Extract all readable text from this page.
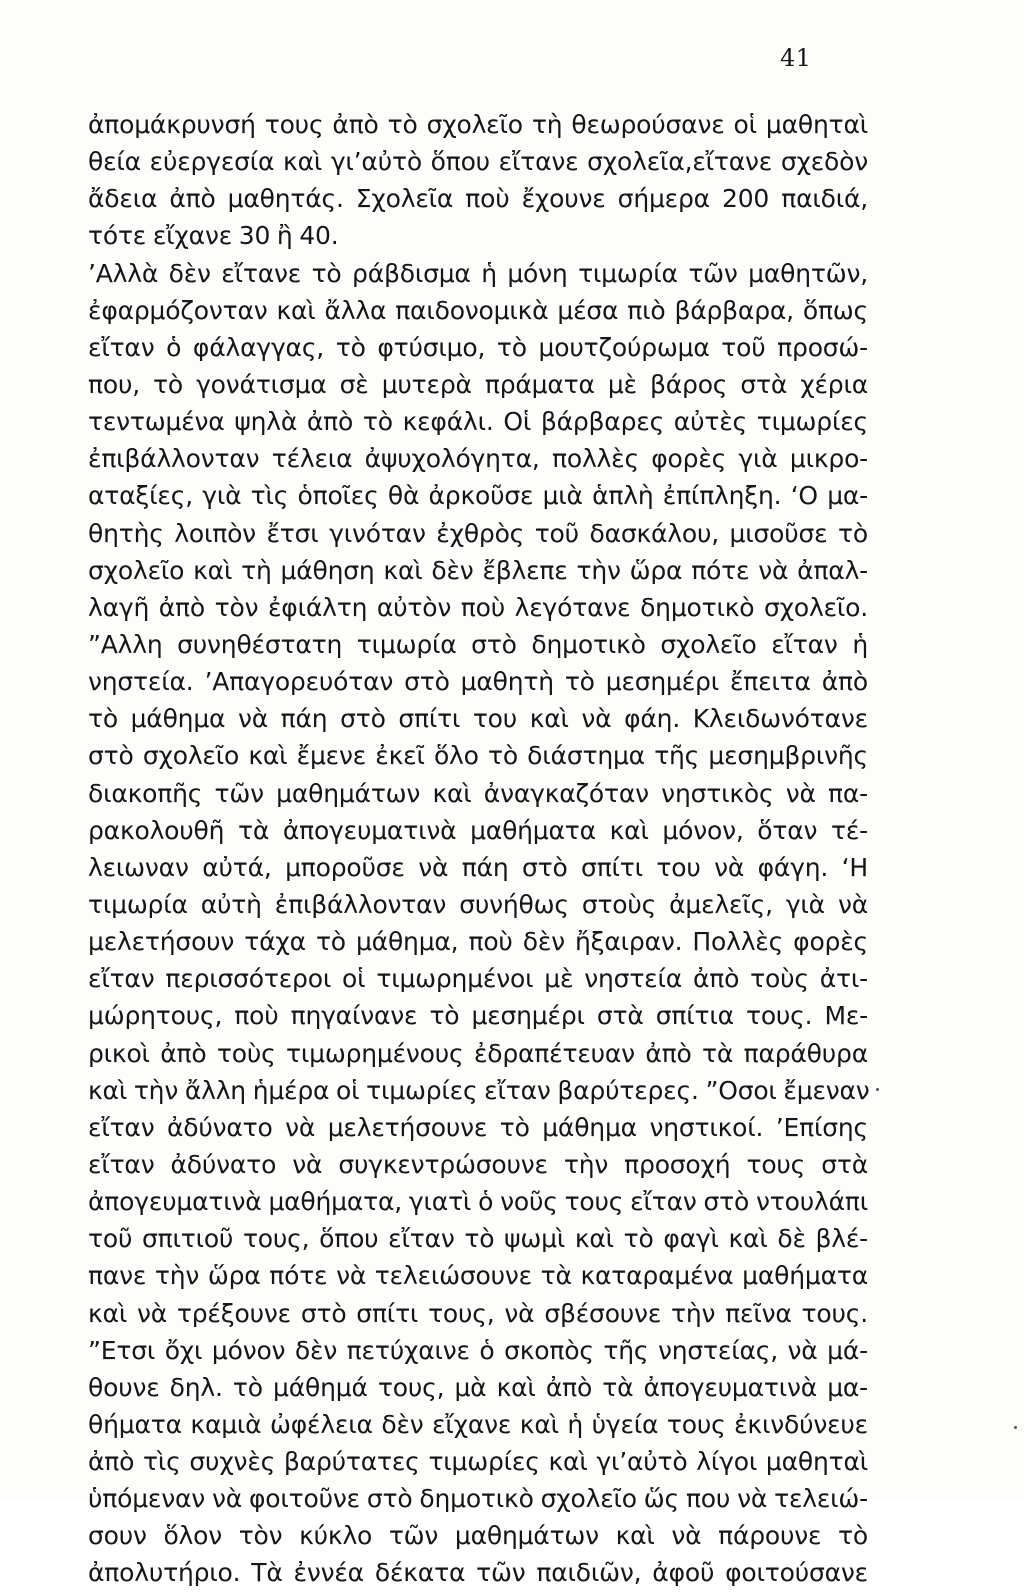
41
ἀπομάκρυνσή τους ἀπὸ τὸ σχολεῖο τὴ θεωρούσανε οἱ μαθηταὶ
θεία εὐεργεσία καὶ γι’αὐτὸ ὅπου εἴτανε σχολεῖα,εἴτανε σχεδὸν
ἄδεια ἀπὸ μαθητάς. Σχολεῖα ποὺ ἔχουνε σήμερα 200 παιδιά,
τότε εἴχανε 30 ἢ 40.
’Αλλὰ δὲν εἴτανε τὸ ράβδισμα ἡ μόνη τιμωρία τῶν μαθητῶν,
ἐφαρμόζονταν καὶ ἄλλα παιδονομικὰ μέσα πιὸ βάρβαρα, ὅπως
εἴταν ὁ φάλαγγας, τὸ φτύσιμο, τὸ μουτζούρωμα τοῦ προσώ-
που, τὸ γονάτισμα σὲ μυτερὰ πράματα μὲ βάρος στὰ χέρια
τεντωμένα ψηλὰ ἀπὸ τὸ κεφάλι. Οἱ βάρβαρες αὐτὲς τιμωρίες
ἐπιβάλλονταν τέλεια ἀψυχολόγητα, πολλὲς φορὲς γιὰ μικρο-
αταξίες, γιὰ τὶς ὁποῖες θὰ ἀρκοῦσε μιὰ ἁπλὴ ἐπίπληξη. ‘Ο μα-
θητὴς λοιπὸν ἔτσι γινόταν ἐχθρὸς τοῦ δασκάλου, μισοῦσε τὸ
σχολεῖο καὶ τὴ μάθηση καὶ δὲν ἔβλεπε τὴν ὥρα πότε νὰ ἀπαλ-
λαγῆ ἀπὸ τὸν ἐφιάλτη αὐτὸν ποὺ λεγότανε δημοτικὸ σχολεῖο.
”Αλλη συνηθέστατη τιμωρία στὸ δημοτικὸ σχολεῖο εἴταν ἡ
νηστεία. ’Απαγορευόταν στὸ μαθητὴ τὸ μεσημέρι ἔπειτα ἀπὸ
τὸ μάθημα νὰ πάη στὸ σπίτι του καὶ νὰ φάη. Κλειδωνότανε
στὸ σχολεῖο καὶ ἔμενε ἐκεῖ ὅλο τὸ διάστημα τῆς μεσημβρινῆς
διακοπῆς τῶν μαθημάτων καὶ ἀναγκαζόταν νηστικὸς νὰ πα-
ρακολουθῆ τὰ ἀπογευματινὰ μαθήματα καὶ μόνον, ὅταν τέ-
λειωναν αὐτά, μποροῦσε νὰ πάη στὸ σπίτι του νὰ φάγη. ‘Η
τιμωρία αὐτὴ ἐπιβάλλονταν συνήθως στοὺς ἀμελεῖς, γιὰ νὰ
μελετήσουν τάχα τὸ μάθημα, ποὺ δὲν ἤξαιραν. Πολλὲς φορὲς
εἴταν περισσότεροι οἱ τιμωρημένοι μὲ νηστεία ἀπὸ τοὺς ἀτι-
μώρητους, ποὺ πηγαίνανε τὸ μεσημέρι στὰ σπίτια τους. Με-
ρικοὶ ἀπὸ τοὺς τιμωρημένους ἐδραπέτευαν ἀπὸ τὰ παράθυρα
καὶ τὴν ἄλλη ἡμέρα οἱ τιμωρίες εἴταν βαρύτερες. ”Οσοι ἔμεναν
εἴταν ἀδύνατο νὰ μελετήσουνε τὸ μάθημα νηστικοί. ’Επίσης
εἴταν ἀδύνατο νὰ συγκεντρώσουνε τὴν προσοχή τους στὰ
ἀπογευματινὰ μαθήματα, γιατὶ ὁ νοῦς τους εἴταν στὸ ντουλάπι
τοῦ σπιτιοῦ τους, ὅπου εἴταν τὸ ψωμὶ καὶ τὸ φαγὶ καὶ δὲ βλέ-
πανε τὴν ὥρα πότε νὰ τελειώσουνε τὰ καταραμένα μαθήματα
καὶ νὰ τρέξουνε στὸ σπίτι τους, νὰ σβέσουνε τὴν πεῖνα τους.
”Ετσι ὄχι μόνον δὲν πετύχαινε ὁ σκοπὸς τῆς νηστείας, νὰ μά-
θουνε δηλ. τὸ μάθημά τους, μὰ καὶ ἀπὸ τὰ ἀπογευματινὰ μα-
θήματα καμιὰ ὠφέλεια δὲν εἴχανε καὶ ἡ ὑγεία τους ἐκινδύνευε
ἀπὸ τὶς συχνὲς βαρύτατες τιμωρίες καὶ γι’αὐτὸ λίγοι μαθηταὶ
ὑπόμεναν νὰ φοιτοῦνε στὸ δημοτικὸ σχολεῖο ὥς που νὰ τελειώ-
σουν ὅλον τὸν κύκλο τῶν μαθημάτων καὶ νὰ πάρουνε τὸ
ἀπολυτήριο. Τὰ ἐννέα δέκατα τῶν παιδιῶν, ἀφοῦ φοιτούσανε
